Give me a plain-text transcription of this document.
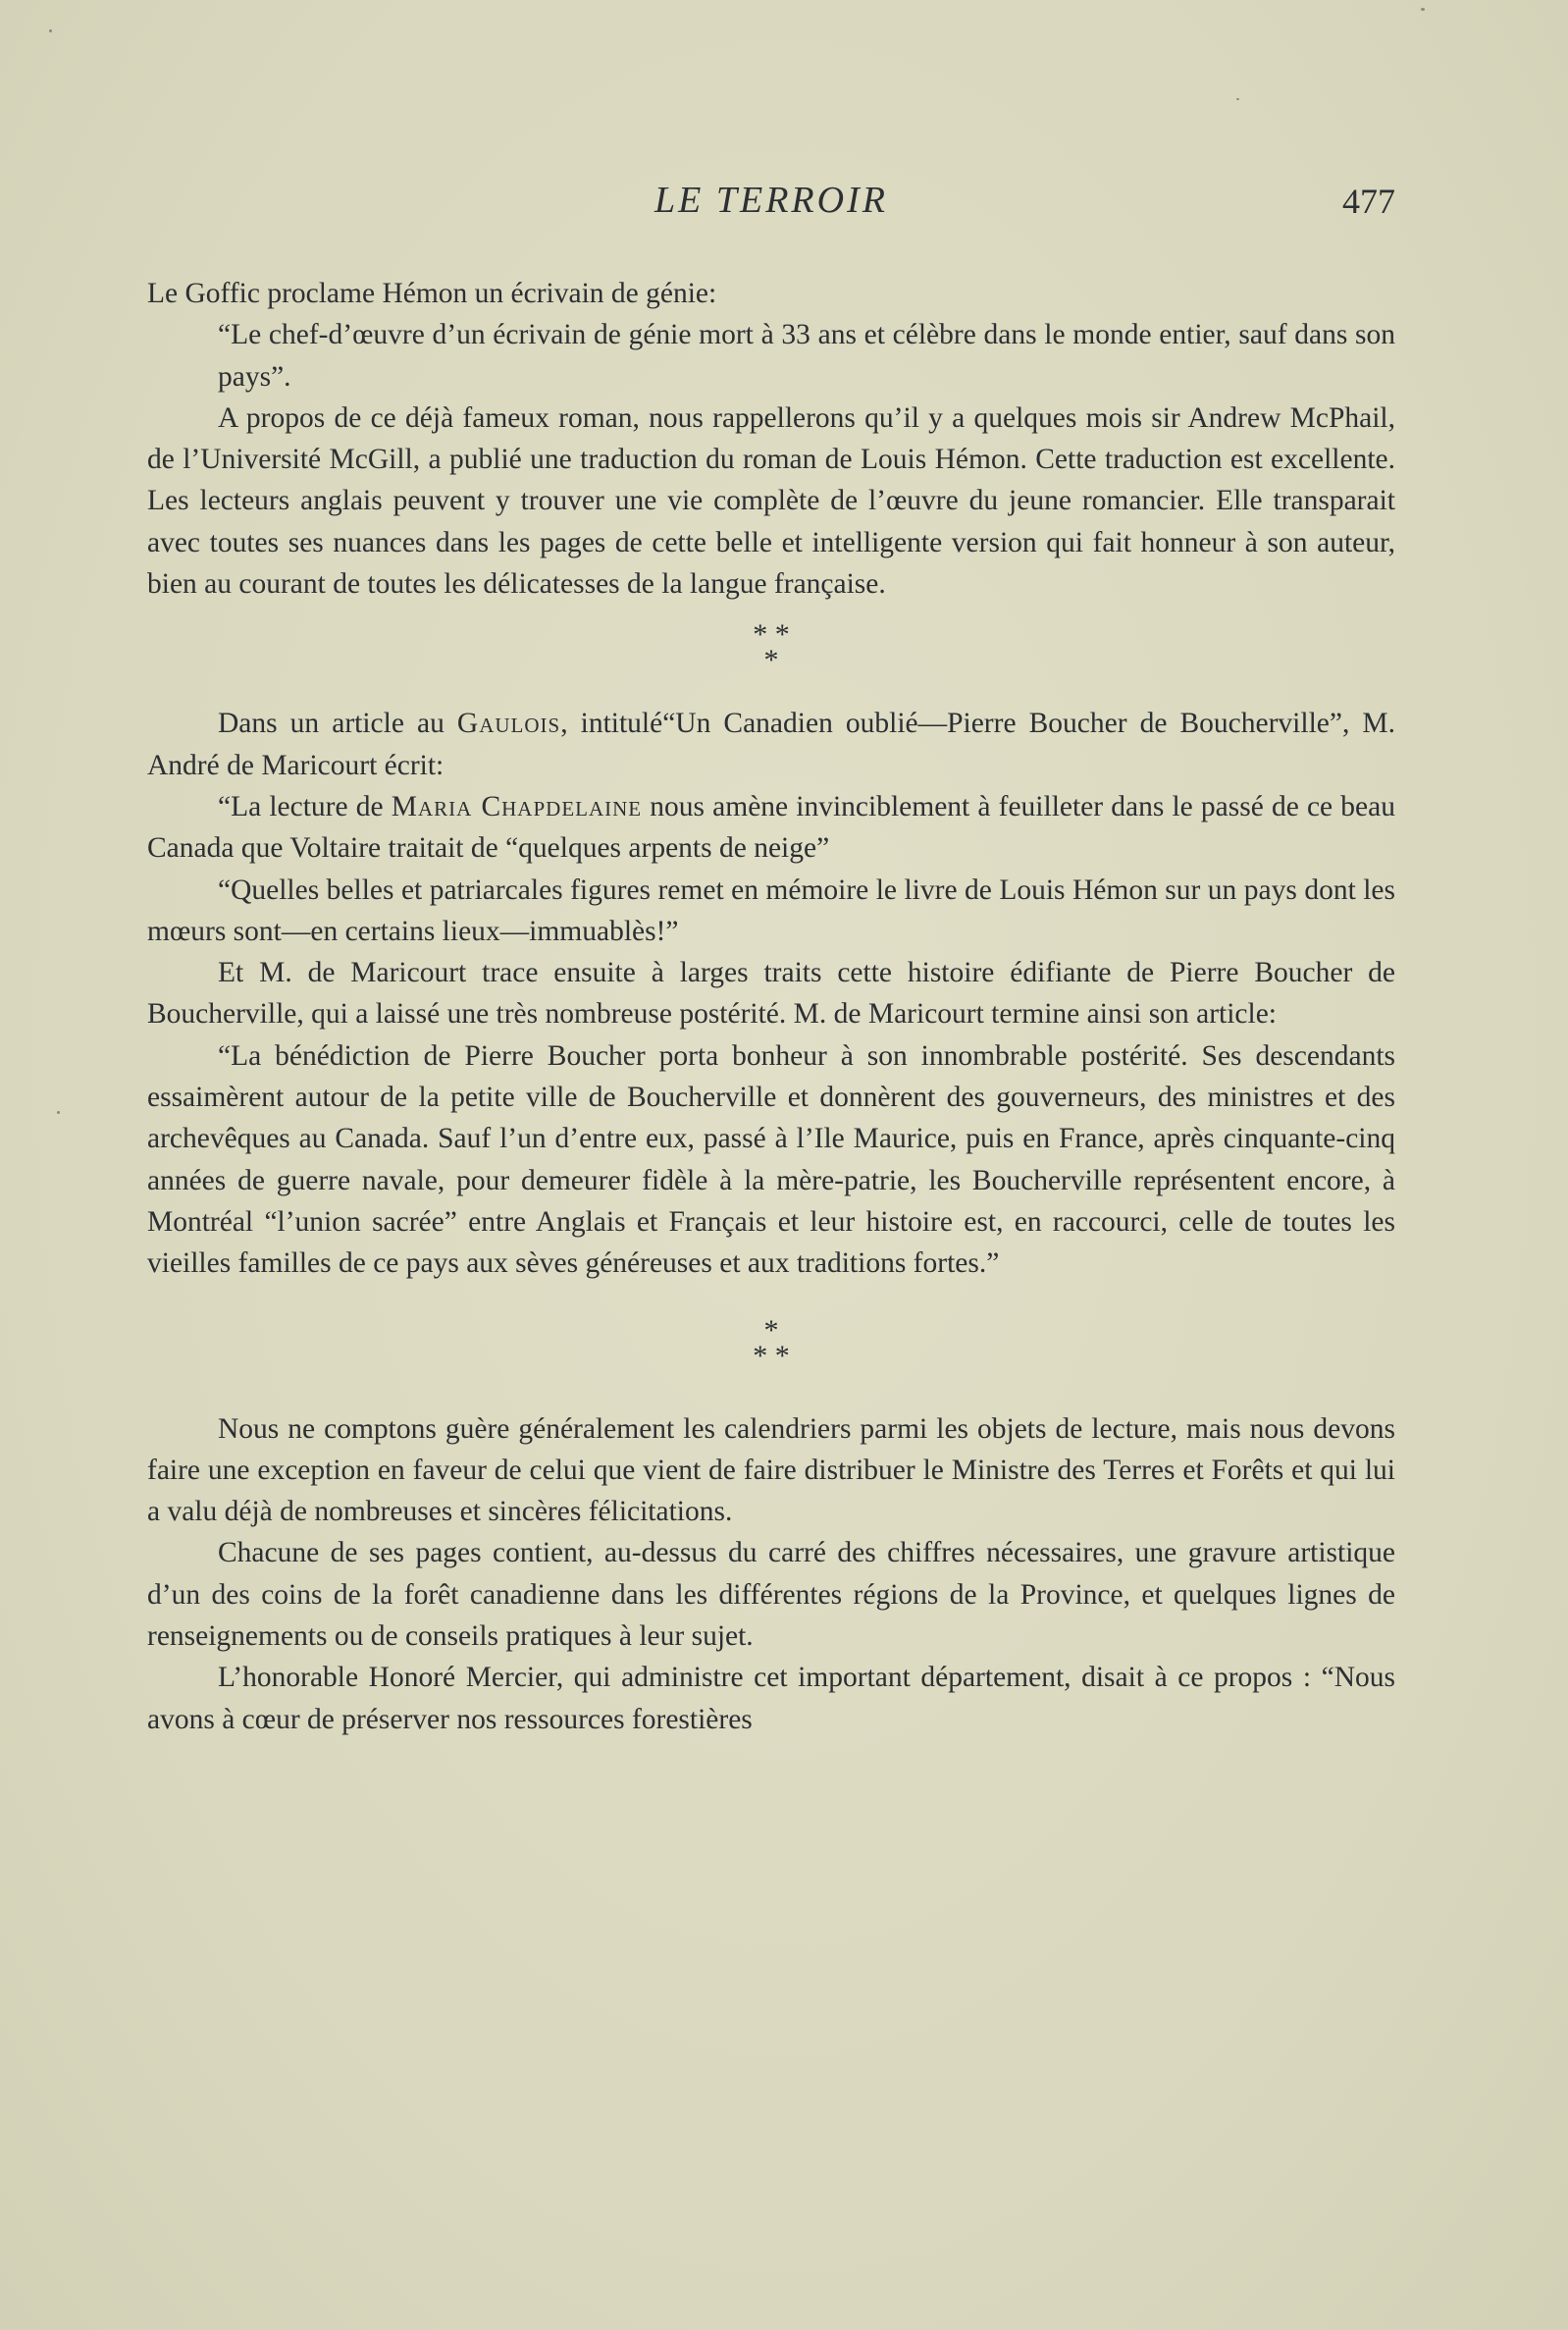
LE TERROIR	477

Le Goffic proclame Hémon un écrivain de génie:

“Le chef-d’œuvre d’un écrivain de génie mort à 33 ans et célèbre dans le monde entier, sauf dans son pays”.

A propos de ce déjà fameux roman, nous rappellerons qu’il y a quelques mois sir Andrew McPhail, de l’Université McGill, a publié une traduction du roman de Louis Hémon. Cette traduction est excellente. Les lecteurs anglais peuvent y trouver une vie complète de l’œuvre du jeune romancier. Elle transparait avec toutes ses nuances dans les pages de cette belle et intelligente version qui fait honneur à son auteur, bien au courant de toutes les délicatesses de la langue française.

* *
*

Dans un article au Gaulois, intitulé“Un Canadien oublié—Pierre Boucher de Boucherville”, M. André de Maricourt écrit:

“La lecture de Maria Chapdelaine nous amène invinciblement à feuilleter dans le passé de ce beau Canada que Voltaire traitait de “quelques arpents de neige”

“Quelles belles et patriarcales figures remet en mémoire le livre de Louis Hémon sur un pays dont les mœurs sont—en certains lieux—immuablès!”

Et M. de Maricourt trace ensuite à larges traits cette histoire édifiante de Pierre Boucher de Boucherville, qui a laissé une très nombreuse postérité. M. de Maricourt termine ainsi son article:

“La bénédiction de Pierre Boucher porta bonheur à son innombrable postérité. Ses descendants essaimèrent autour de la petite ville de Boucherville et donnèrent des gouverneurs, des ministres et des archevêques au Canada. Sauf l’un d’entre eux, passé à l’Ile Maurice, puis en France, après cinquante-cinq années de guerre navale, pour demeurer fidèle à la mère-patrie, les Boucherville représentent encore, à Montréal “l’union sacrée” entre Anglais et Français et leur histoire est, en raccourci, celle de toutes les vieilles familles de ce pays aux sèves généreuses et aux traditions fortes.”

*
* *

Nous ne comptons guère généralement les calendriers parmi les objets de lecture, mais nous devons faire une exception en faveur de celui que vient de faire distribuer le Ministre des Terres et Forêts et qui lui a valu déjà de nombreuses et sincères félicitations.

Chacune de ses pages contient, au-dessus du carré des chiffres nécessaires, une gravure artistique d’un des coins de la forêt canadienne dans les différentes régions de la Province, et quelques lignes de renseignements ou de conseils pratiques à leur sujet.

L’honorable Honoré Mercier, qui administre cet important département, disait à ce propos : “Nous avons à cœur de préserver nos ressources forestières
